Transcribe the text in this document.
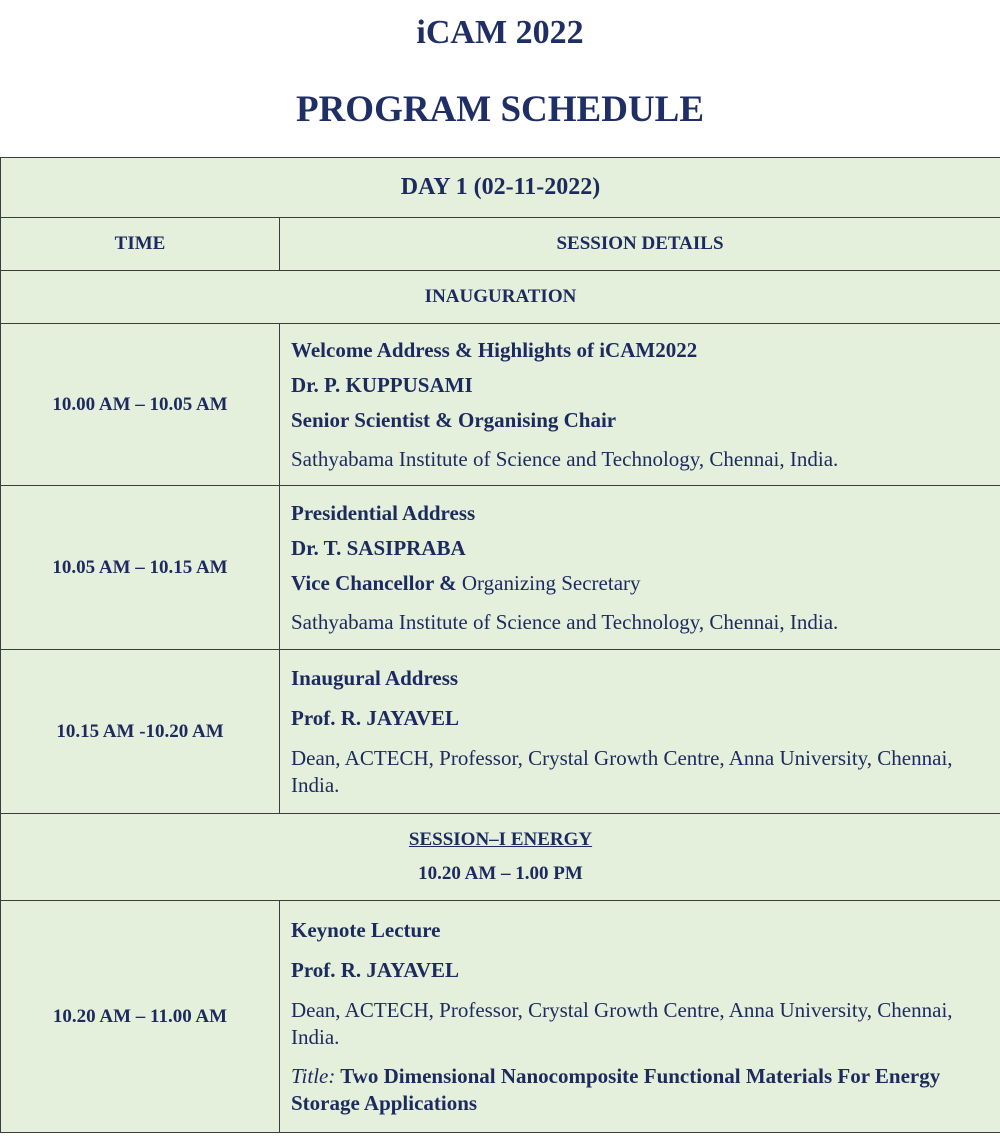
iCAM 2022
PROGRAM SCHEDULE
DAY 1 (02-11-2022)	
TIME	SESSION DETAILS
INAUGURATION	
10.00 AM – 10.05 AM	Welcome Address & Highlights of iCAM2022
Dr. P. KUPPUSAMI
Senior Scientist & Organising Chair
Sathyabama Institute of Science and Technology, Chennai, India.

10.05 AM – 10.15 AM	Presidential Address
Dr. T. SASIPRABA
Vice Chancellor & Organizing Secretary
Sathyabama Institute of Science and Technology, Chennai, India.

10.15 AM -10.20 AM	Inaugural Address
Prof. R. JAYAVEL
Dean, ACTECH, Professor, Crystal Growth Centre, Anna University, Chennai, India.

SESSION–I ENERGY
10.20 AM – 1.00 PM	

10.20 AM – 11.00 AM	Keynote Lecture
Prof. R. JAYAVEL
Dean, ACTECH, Professor, Crystal Growth Centre, Anna University, Chennai, India.
Title: Two Dimensional Nanocomposite Functional Materials For Energy Storage Applications
